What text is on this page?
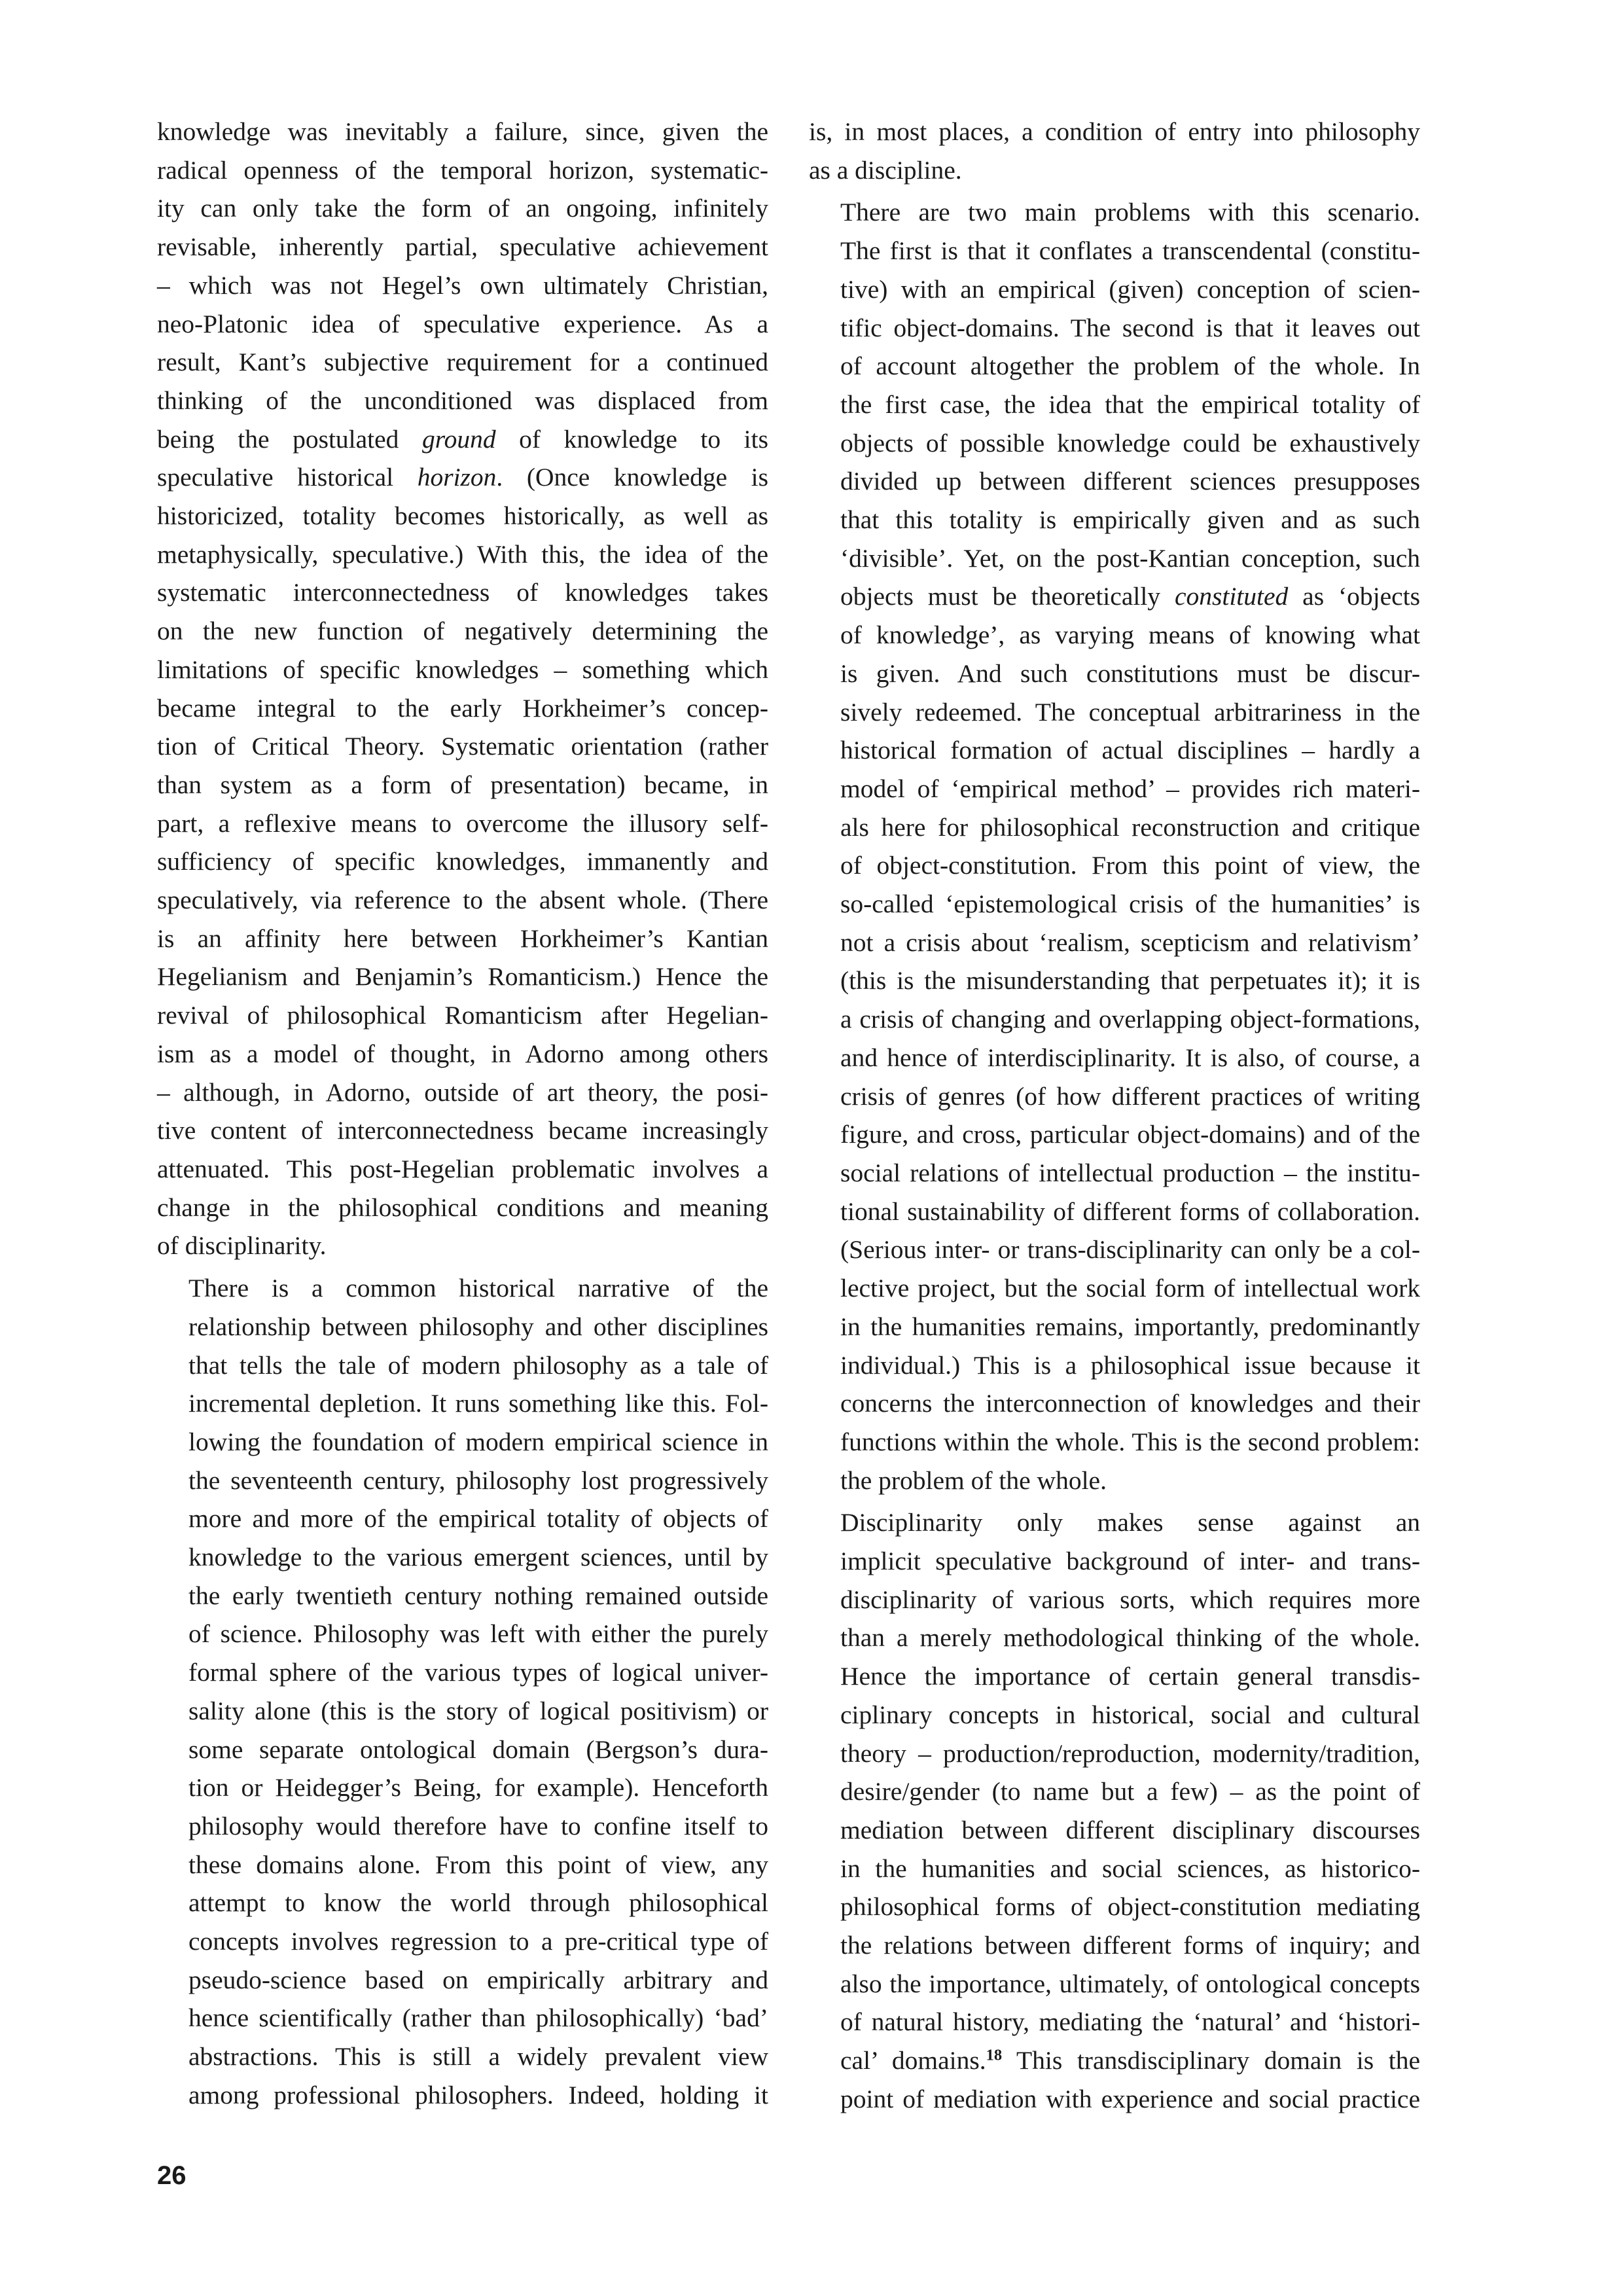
knowledge was inevitably a failure, since, given the
radical openness of the temporal horizon, systematic-
ity can only take the form of an ongoing, infinitely
revisable, inherently partial, speculative achievement
– which was not Hegel’s own ultimately Christian,
neo-Platonic idea of speculative experience. As a
result, Kant’s subjective requirement for a continued
thinking of the unconditioned was displaced from
being the postulated ground of knowledge to its
speculative historical horizon. (Once knowledge is
historicized, totality becomes historically, as well as
metaphysically, speculative.) With this, the idea of the
systematic interconnectedness of knowledges takes
on the new function of negatively determining the
limitations of specific knowledges – something which
became integral to the early Horkheimer’s concep-
tion of Critical Theory. Systematic orientation (rather
than system as a form of presentation) became, in
part, a reflexive means to overcome the illusory self-
sufficiency of specific knowledges, immanently and
speculatively, via reference to the absent whole. (There
is an affinity here between Horkheimer’s Kantian
Hegelianism and Benjamin’s Romanticism.) Hence the
revival of philosophical Romanticism after Hegelian-
ism as a model of thought, in Adorno among others
– although, in Adorno, outside of art theory, the posi-
tive content of interconnectedness became increasingly
attenuated. This post-Hegelian problematic involves a
change in the philosophical conditions and meaning
of disciplinarity.

There is a common historical narrative of the
relationship between philosophy and other disciplines
that tells the tale of modern philosophy as a tale of
incremental depletion. It runs something like this. Fol-
lowing the foundation of modern empirical science in
the seventeenth century, philosophy lost progressively
more and more of the empirical totality of objects of
knowledge to the various emergent sciences, until by
the early twentieth century nothing remained outside
of science. Philosophy was left with either the purely
formal sphere of the various types of logical univer-
sality alone (this is the story of logical positivism) or
some separate ontological domain (Bergson’s dura-
tion or Heidegger’s Being, for example). Henceforth
philosophy would therefore have to confine itself to
these domains alone. From this point of view, any
attempt to know the world through philosophical
concepts involves regression to a pre-critical type of
pseudo-science based on empirically arbitrary and
hence scientifically (rather than philosophically) ‘bad’
abstractions. This is still a widely prevalent view
among professional philosophers. Indeed, holding it

is, in most places, a condition of entry into philosophy
as a discipline.

There are two main problems with this scenario.
The first is that it conflates a transcendental (constitu-
tive) with an empirical (given) conception of scien-
tific object-domains. The second is that it leaves out
of account altogether the problem of the whole. In
the first case, the idea that the empirical totality of
objects of possible knowledge could be exhaustively
divided up between different sciences presupposes
that this totality is empirically given and as such
‘divisible’. Yet, on the post-Kantian conception, such
objects must be theoretically constituted as ‘objects
of knowledge’, as varying means of knowing what
is given. And such constitutions must be discur-
sively redeemed. The conceptual arbitrariness in the
historical formation of actual disciplines – hardly a
model of ‘empirical method’ – provides rich materi-
als here for philosophical reconstruction and critique
of object-constitution. From this point of view, the
so-called ‘epistemological crisis of the humanities’ is
not a crisis about ‘realism, scepticism and relativism’
(this is the misunderstanding that perpetuates it); it is
a crisis of changing and overlapping object-formations,
and hence of interdisciplinarity. It is also, of course, a
crisis of genres (of how different practices of writing
figure, and cross, particular object-domains) and of the
social relations of intellectual production – the institu-
tional sustainability of different forms of collaboration.
(Serious inter- or trans-disciplinarity can only be a col-
lective project, but the social form of intellectual work
in the humanities remains, importantly, predominantly
individual.) This is a philosophical issue because it
concerns the interconnection of knowledges and their
functions within the whole. This is the second problem:
the problem of the whole.

Disciplinarity only makes sense against an
implicit speculative background of inter- and trans-
disciplinarity of various sorts, which requires more
than a merely methodological thinking of the whole.
Hence the importance of certain general transdis-
ciplinary concepts in historical, social and cultural
theory – production/reproduction, modernity/tradition,
desire/gender (to name but a few) – as the point of
mediation between different disciplinary discourses
in the humanities and social sciences, as historico-
philosophical forms of object-constitution mediating
the relations between different forms of inquiry; and
also the importance, ultimately, of ontological concepts
of natural history, mediating the ‘natural’ and ‘histori-
cal’ domains.$^{18}$ This transdisciplinary domain is the
point of mediation with experience and social practice

26
